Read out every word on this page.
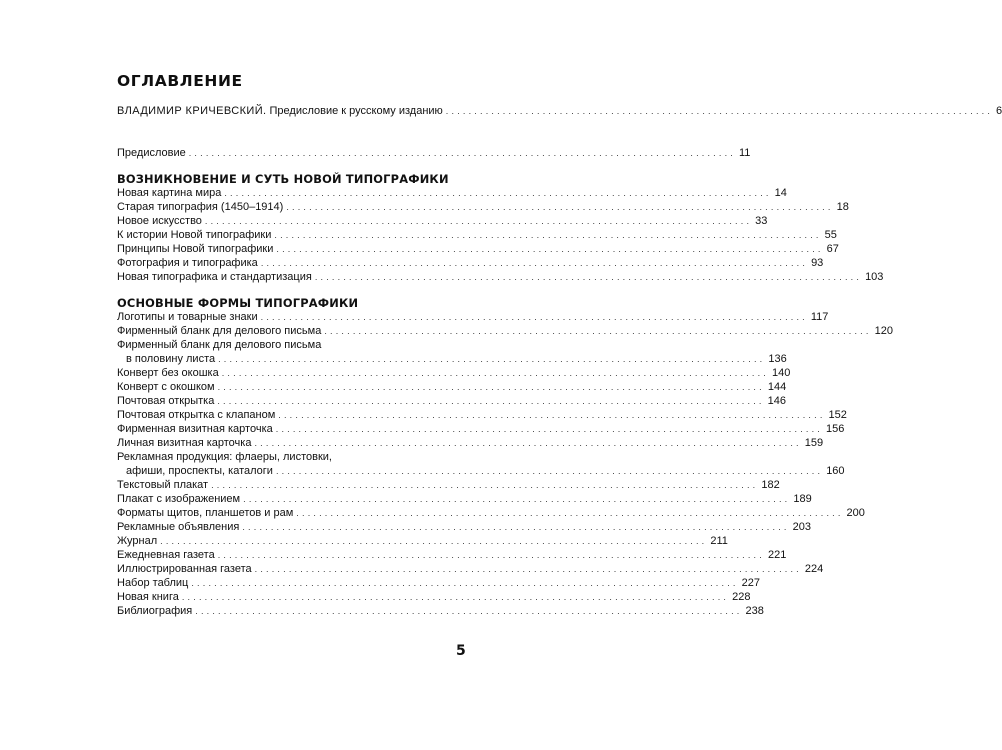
ОГЛАВЛЕНИЕ
ВЛАДИМИР КРИЧЕВСКИЙ. Предисловие к русскому изданию ................................................................................................ 6
Предисловие ................................................................................................ 11
ВОЗНИКНОВЕНИЕ И СУТЬ НОВОЙ ТИПОГРАФИКИ
Новая картина мира ................................................................................................ 14
Старая типография (1450–1914) ................................................................................................ 18
Новое искусство ................................................................................................ 33
К истории Новой типографики ................................................................................................ 55
Принципы Новой типографики ................................................................................................ 67
Фотография и типографика ................................................................................................ 93
Новая типографика и стандартизация ................................................................................................ 103
ОСНОВНЫЕ ФОРМЫ ТИПОГРАФИКИ
Логотипы и товарные знаки ................................................................................................ 117
Фирменный бланк для делового письма ................................................................................................ 120
Фирменный бланк для делового письма
в половину листа ................................................................................................ 136
Конверт без окошка ................................................................................................ 140
Конверт с окошком ................................................................................................ 144
Почтовая открытка ................................................................................................ 146
Почтовая открытка с клапаном ................................................................................................ 152
Фирменная визитная карточка ................................................................................................ 156
Личная визитная карточка ................................................................................................ 159
Рекламная продукция: флаеры, листовки,
афиши, проспекты, каталоги ................................................................................................ 160
Текстовый плакат ................................................................................................ 182
Плакат с изображением ................................................................................................ 189
Форматы щитов, планшетов и рам ................................................................................................ 200
Рекламные объявления ................................................................................................ 203
Журнал ................................................................................................ 211
Ежедневная газета ................................................................................................ 221
Иллюстрированная газета ................................................................................................ 224
Набор таблиц ................................................................................................ 227
Новая книга ................................................................................................ 228
Библиография ................................................................................................ 238
5
